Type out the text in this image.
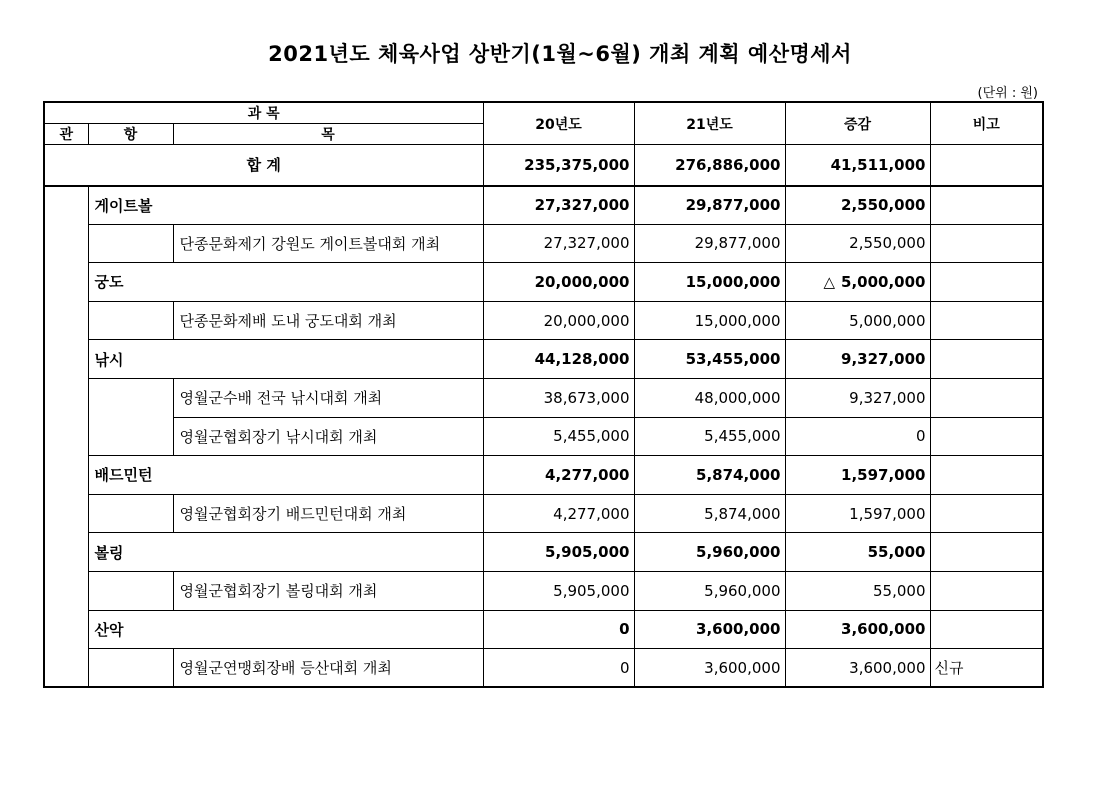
2021년도 체육사업 상반기(1월~6월) 개최 계획 예산명세서
(단위 : 원)
과 목			20년도	21년도	증감	비고
관	항	목				
합 계			235,375,000	276,886,000	41,511,000	
	게이트볼		27,327,000	29,877,000	2,550,000	
		단종문화제기 강원도 게이트볼대회 개최	27,327,000	29,877,000	2,550,000	
	궁도		20,000,000	15,000,000	△ 5,000,000	
		단종문화제배 도내 궁도대회 개최	20,000,000	15,000,000	5,000,000	
	낚시		44,128,000	53,455,000	9,327,000	
		영월군수배 전국 낚시대회 개최	38,673,000	48,000,000	9,327,000	
		영월군협회장기 낚시대회 개최	5,455,000	5,455,000	0	
	배드민턴		4,277,000	5,874,000	1,597,000	
		영월군협회장기 배드민턴대회 개최	4,277,000	5,874,000	1,597,000	
	볼링		5,905,000	5,960,000	55,000	
		영월군협회장기 볼링대회 개최	5,905,000	5,960,000	55,000	
	산악		0	3,600,000	3,600,000	
		영월군연맹회장배 등산대회 개최	0	3,600,000	3,600,000	신규
